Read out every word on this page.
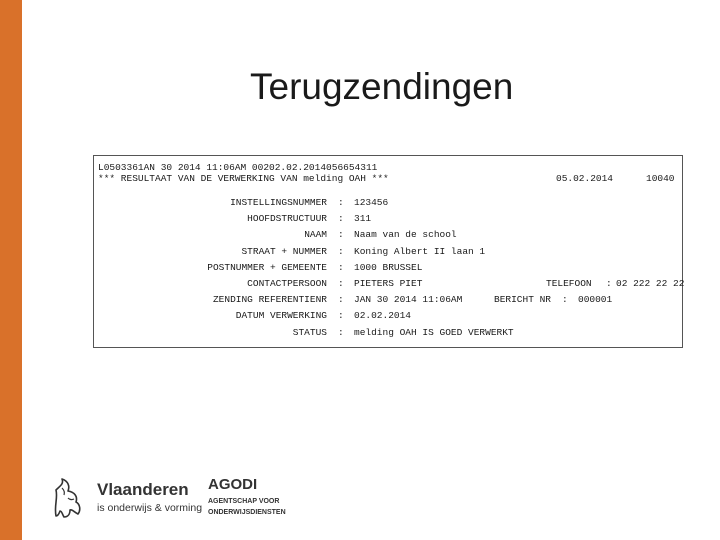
Terugzendingen
L0503361AN 30 2014 11:06AM 00202.02.2014056654311
*** RESULTAAT VAN DE VERWERKING VAN melding OAH ***	05.02.2014	10040
INSTELLINGSNUMMER : 123456
HOOFDSTRUCTUUR : 311
NAAM : Naam van de school
STRAAT + NUMMER : Koning Albert II laan 1
POSTNUMMER + GEMEENTE : 1000 BRUSSEL
CONTACTPERSOON : PIETERS PIET	TELEFOON : 02 222 22 22
ZENDING REFERENTIENR : JAN 30 2014 11:06AM	BERICHT NR : 000001
DATUM VERWERKING : 02.02.2014
STATUS : melding OAH IS GOED VERWERKT
Vlaanderen
is onderwijs & vorming
AGODI
AGENTSCHAP VOOR
ONDERWIJSDIENSTEN
